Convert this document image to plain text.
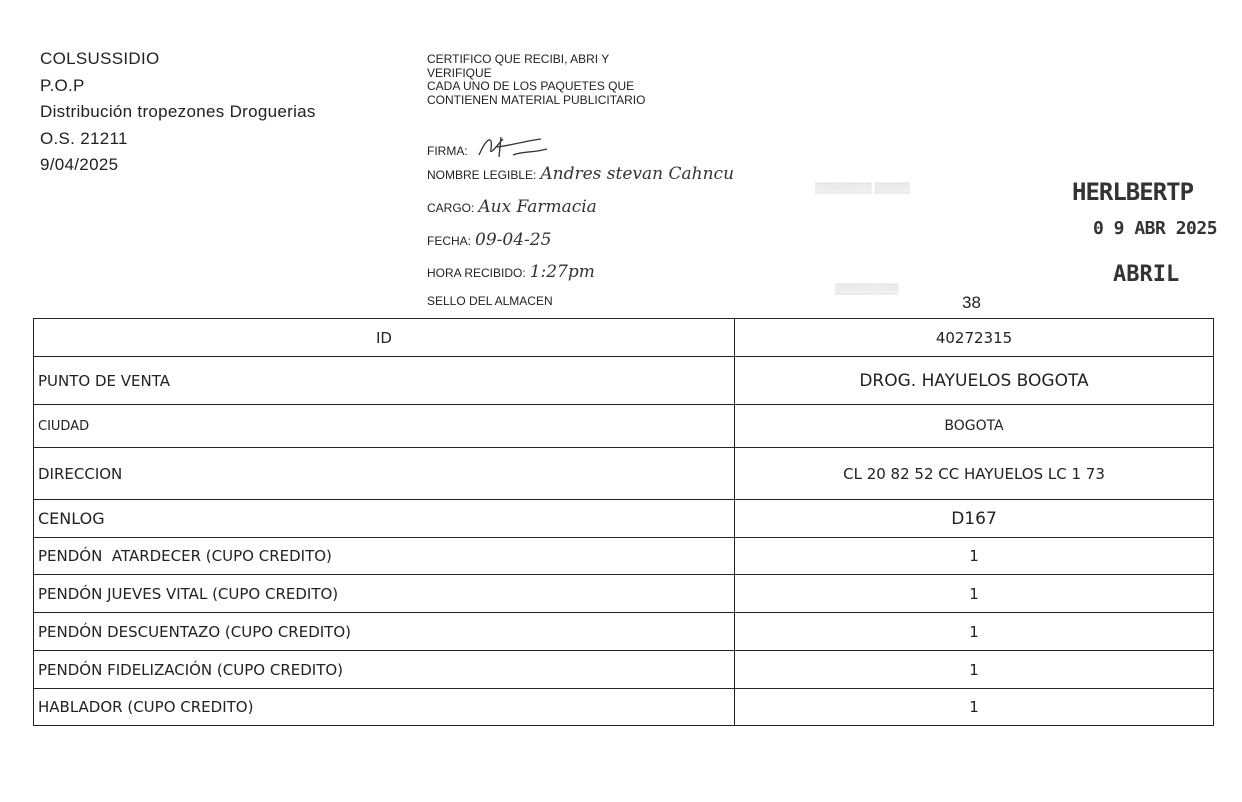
COLSUSSIDIO
P.O.P
Distribución tropezones Droguerias
O.S. 21211
9/04/2025
CERTIFICO QUE RECIBI, ABRI Y
VERIFIQUE
CADA UNO DE LOS PAQUETES QUE
CONTIENEN MATERIAL PUBLICITARIO
FIRMA:
NOMBRE LEGIBLE: Andres stevan Cahncu
CARGO: Aux Farmacia
FECHA: 09-04-25
HORA RECIBIDO: 1:27pm
SELLO DEL ALMACEN
▒▒▒▒▒▒▒▒ ▒▒▒▒▒
▒▒▒▒▒▒▒▒▒
HERLBERTP
0 9 ABR 2025
ABRIL
38
ID	40272315
PUNTO DE VENTA	DROG. HAYUELOS BOGOTA
CIUDAD	BOGOTA
DIRECCION	CL 20 82 52 CC HAYUELOS LC 1 73
CENLOG	D167
PENDÓN  ATARDECER (CUPO CREDITO)	1
PENDÓN JUEVES VITAL (CUPO CREDITO)	1
PENDÓN DESCUENTAZO (CUPO CREDITO)	1
PENDÓN FIDELIZACIÓN (CUPO CREDITO)	1
HABLADOR (CUPO CREDITO)	1
